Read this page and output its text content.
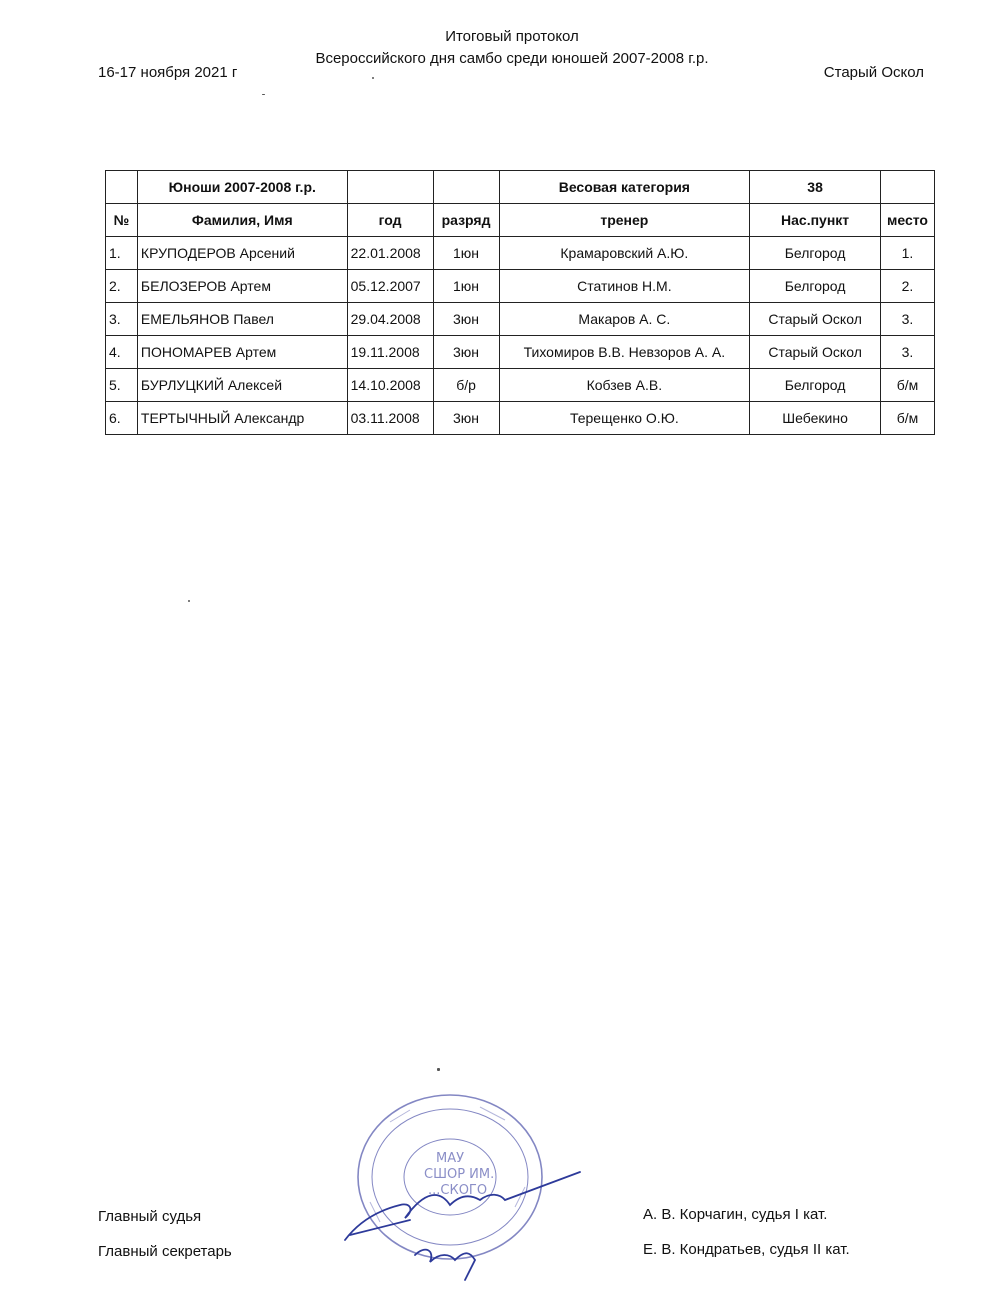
Итоговый протокол
Всероссийского дня самбо среди юношей 2007-2008 г.р.
16-17 ноября 2021 г	Старый Оскол
	Юноши 2007-2008 г.р.			Весовая категория	38	
№	Фамилия, Имя	год	разряд	тренер	Нас.пункт	место
1.	КРУПОДЕРОВ Арсений	22.01.2008	1юн	Крамаровский А.Ю.	Белгород	1.
2.	БЕЛОЗЕРОВ Артем	05.12.2007	1юн	Статинов Н.М.	Белгород	2.
3.	ЕМЕЛЬЯНОВ Павел	29.04.2008	3юн	Макаров А. С.	Старый Оскол	3.
4.	ПОНОМАРЕВ Артем	19.11.2008	3юн	Тихомиров В.В. Невзоров А. А.	Старый Оскол	3.
5.	БУРЛУЦКИЙ Алексей	14.10.2008	б/р	Кобзев А.В.	Белгород	б/м
6.	ТЕРТЫЧНЫЙ Александр	03.11.2008	3юн	Терещенко О.Ю.	Шебекино	б/м
МАУ
СШОР ИМ.
...СКОГО
Главный судья	А. В. Корчагин, судья I кат.
Главный секретарь	Е. В. Кондратьев, судья II кат.
